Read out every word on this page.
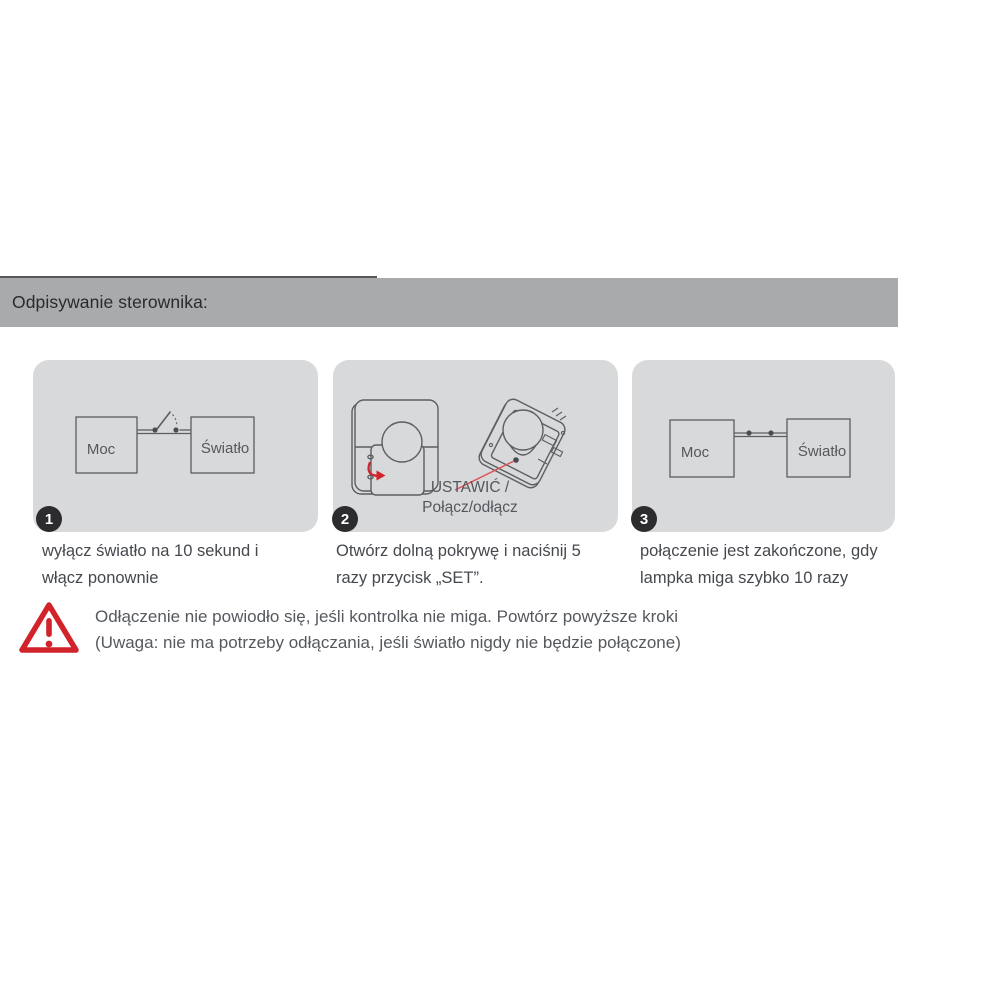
Odpisywanie sterownika:
Moc	Światło
USTAWIĆ /
Połącz/odłącz
Moc	Światło
1	2	3
wyłącz światło na 10 sekund i
włącz ponownie
Otwórz dolną pokrywę i naciśnij 5
razy przycisk „SET”.
połączenie jest zakończone, gdy
lampka miga szybko 10 razy
Odłączenie nie powiodło się, jeśli kontrolka nie miga. Powtórz powyższe kroki
(Uwaga: nie ma potrzeby odłączania, jeśli światło nigdy nie będzie połączone)
